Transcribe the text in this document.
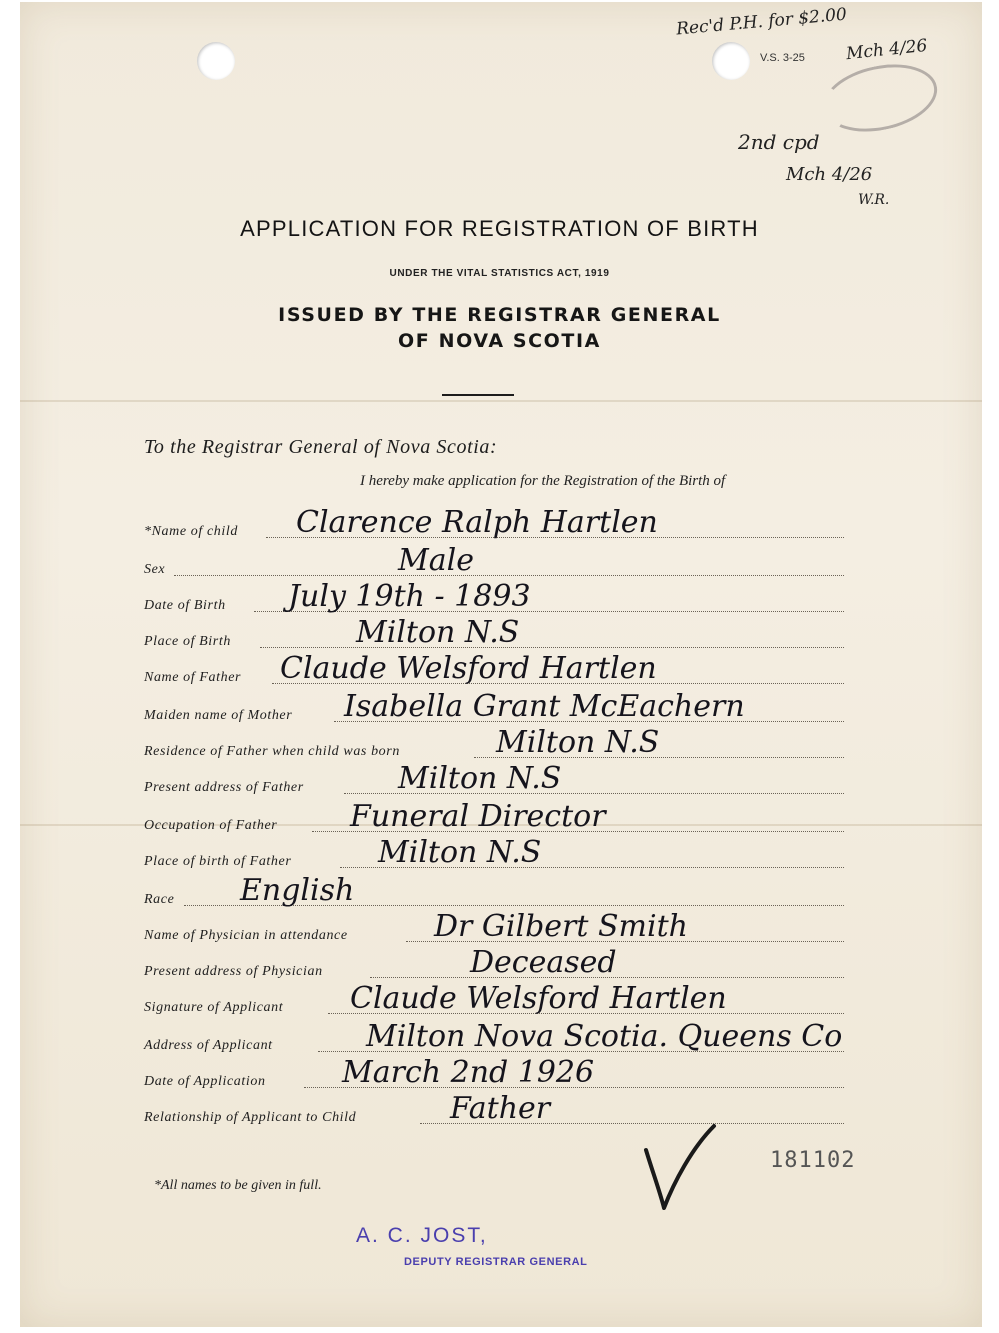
V.S. 3-25
Rec'd P.H. for $2.00
Mch 4/26
2nd cpd
Mch 4/26
W.R.
APPLICATION FOR REGISTRATION OF BIRTH
UNDER THE VITAL STATISTICS ACT, 1919
ISSUED BY THE REGISTRAR GENERAL
OF NOVA SCOTIA
To the Registrar General of Nova Scotia:
I hereby make application for the Registration of the Birth of
*Name of child Clarence Ralph Hartlen
Sex	Male
Date of Birth July 19th - 1893
Place of Birth	Milton N.S
Name of Father Claude Welsford Hartlen
Maiden name of Mother Isabella Grant McEachern
Residence of Father when child was born	Milton N.S
Present address of Father	Milton N.S
Occupation of Father Funeral Director
Place of birth of Father	Milton N.S
Race English
Name of Physician in attendance	Dr Gilbert Smith
Present address of Physician	Deceased
Signature of Applicant Claude Welsford Hartlen
Address of Applicant	Milton Nova Scotia. Queens Co
Date of Application	March 2nd 1926
Relationship of Applicant to Child	Father
*All names to be given in full.
181102
A. C. JOST,
DEPUTY REGISTRAR GENERAL
